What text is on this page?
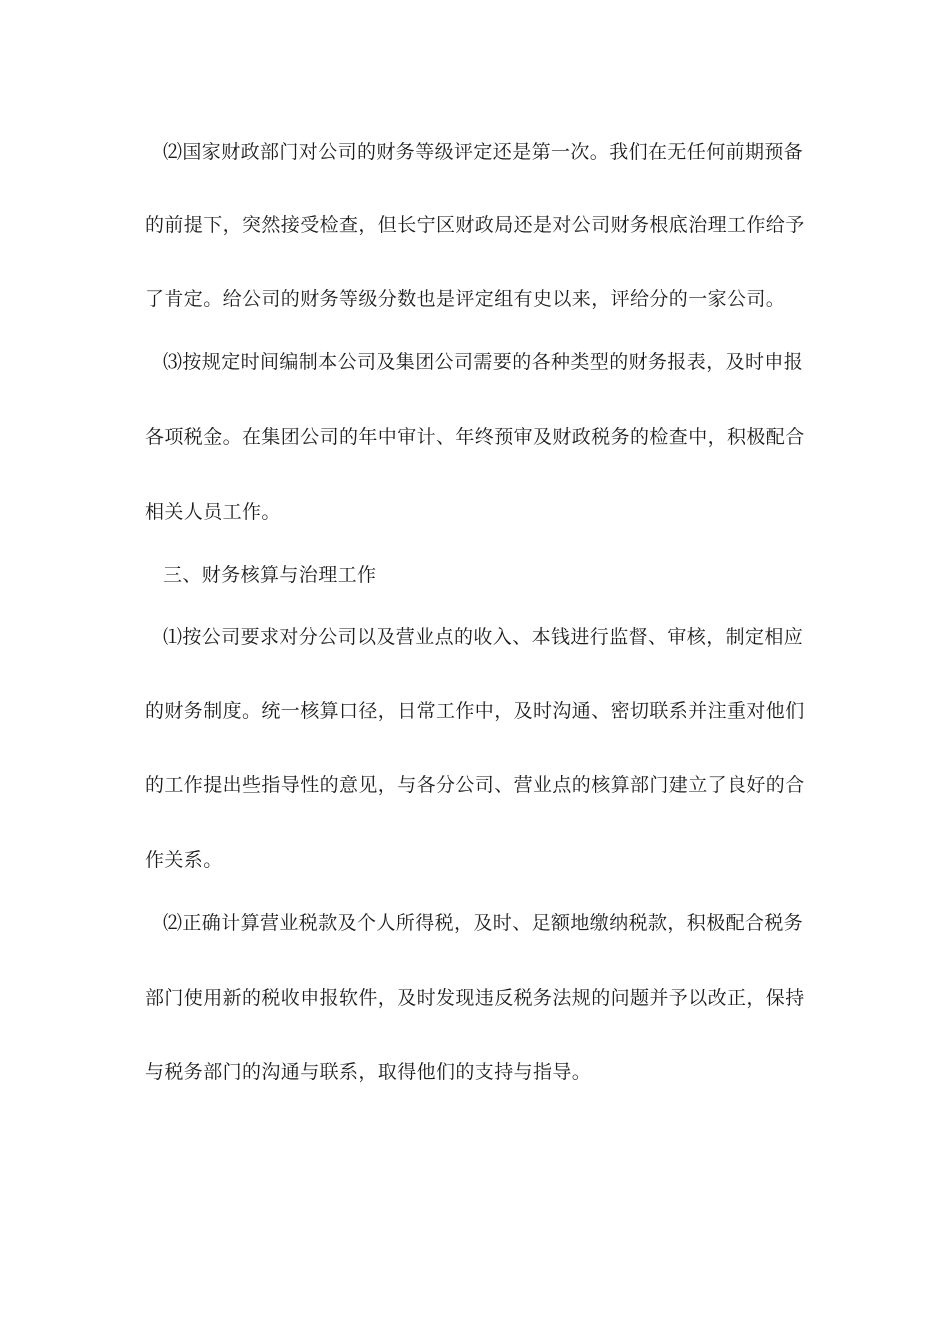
⑵国家财政部门对公司的财务等级评定还是第一次。我们在无任何前期预备
的前提下，突然接受检查，但长宁区财政局还是对公司财务根底治理工作给予
了肯定。给公司的财务等级分数也是评定组有史以来，评给分的一家公司。
⑶按规定时间编制本公司及集团公司需要的各种类型的财务报表，及时申报
各项税金。在集团公司的年中审计、年终预审及财政税务的检查中，积极配合
相关人员工作。
三、财务核算与治理工作
⑴按公司要求对分公司以及营业点的收入、本钱进行监督、审核，制定相应
的财务制度。统一核算口径，日常工作中，及时沟通、密切联系并注重对他们
的工作提出些指导性的意见，与各分公司、营业点的核算部门建立了良好的合
作关系。
⑵正确计算营业税款及个人所得税，及时、足额地缴纳税款，积极配合税务
部门使用新的税收申报软件，及时发现违反税务法规的问题并予以改正，保持
与税务部门的沟通与联系，取得他们的支持与指导。
